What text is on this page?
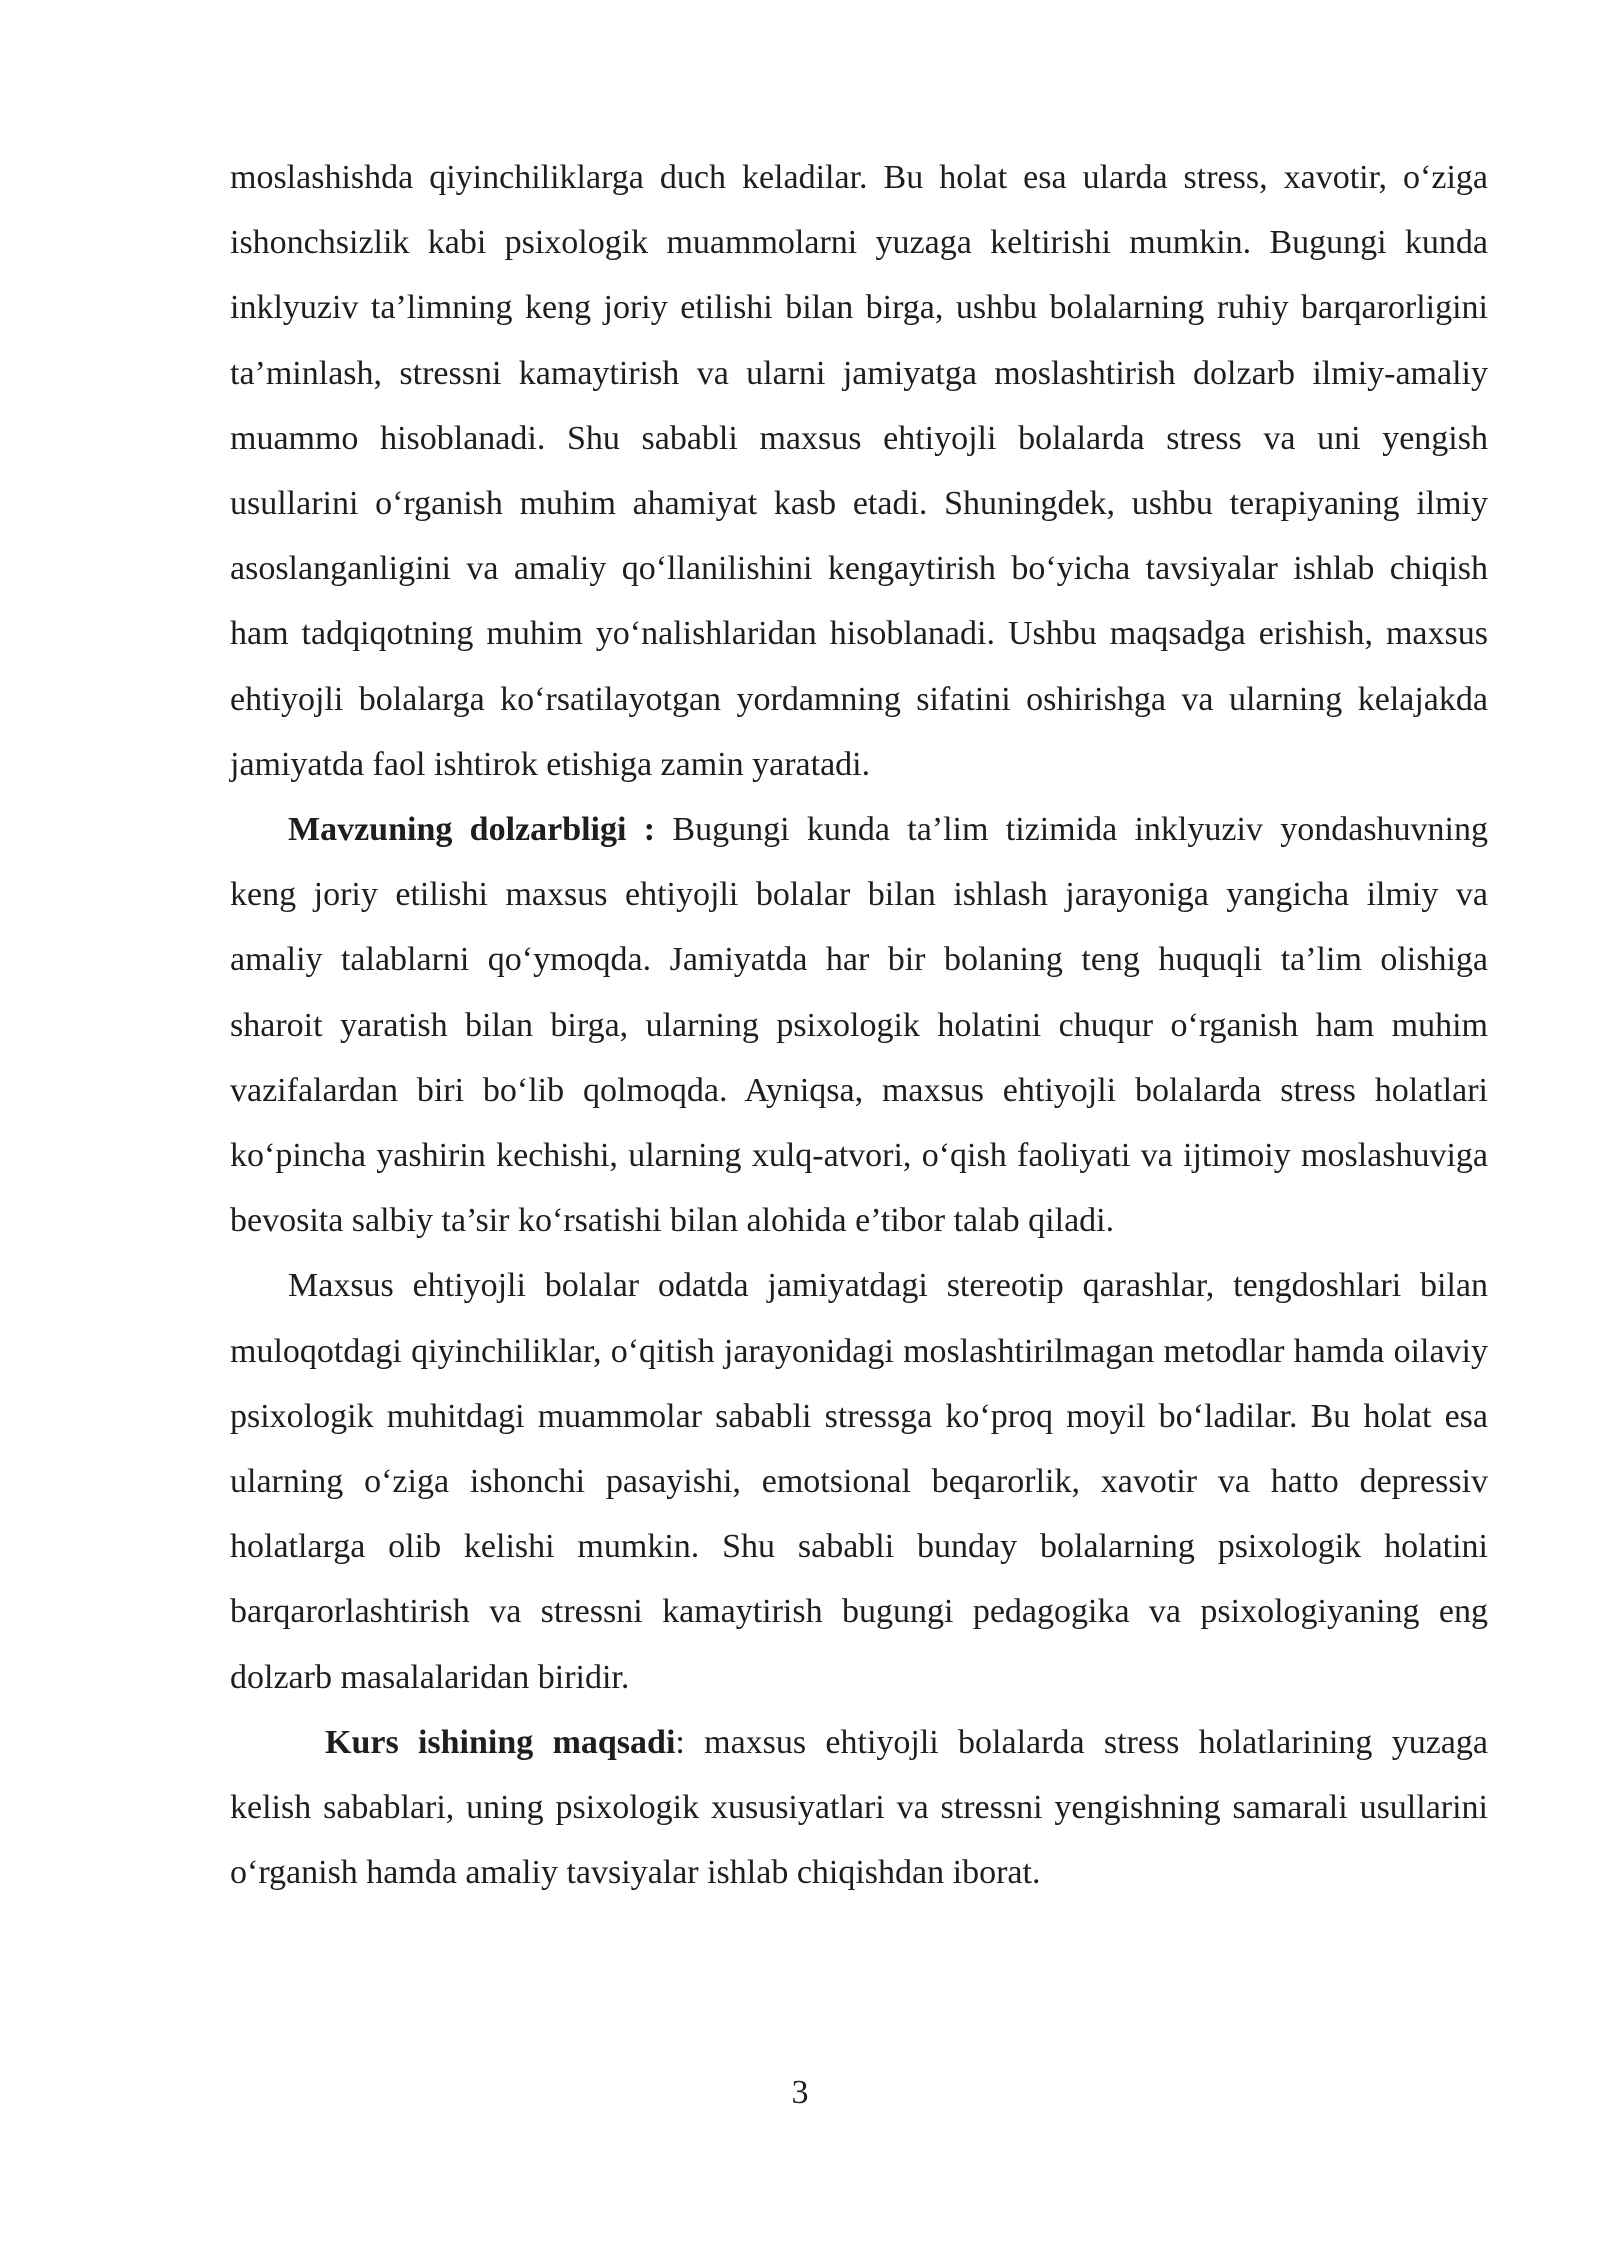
moslashishda qiyinchiliklarga duch keladilar. Bu holat esa ularda stress, xavotir, o‘ziga ishonchsizlik kabi psixologik muammolarni yuzaga keltirishi mumkin. Bugungi kunda inklyuziv ta’limning keng joriy etilishi bilan birga, ushbu bolalarning ruhiy barqarorligini ta’minlash, stressni kamaytirish va ularni jamiyatga moslashtirish dolzarb ilmiy-amaliy muammo hisoblanadi. Shu sababli maxsus ehtiyojli bolalarda stress va uni yengish usullarini o‘rganish muhim ahamiyat kasb etadi. Shuningdek, ushbu terapiyaning ilmiy asoslanganligini va amaliy qo‘llanilishini kengaytirish bo‘yicha tavsiyalar ishlab chiqish ham tadqiqotning muhim yo‘nalishlaridan hisoblanadi. Ushbu maqsadga erishish, maxsus ehtiyojli bolalarga ko‘rsatilayotgan yordamning sifatini oshirishga va ularning kelajakda jamiyatda faol ishtirok etishiga zamin yaratadi.

Mavzuning dolzarbligi : Bugungi kunda ta’lim tizimida inklyuziv yondashuvning keng joriy etilishi maxsus ehtiyojli bolalar bilan ishlash jarayoniga yangicha ilmiy va amaliy talablarni qo‘ymoqda. Jamiyatda har bir bolaning teng huquqli ta’lim olishiga sharoit yaratish bilan birga, ularning psixologik holatini chuqur o‘rganish ham muhim vazifalardan biri bo‘lib qolmoqda. Ayniqsa, maxsus ehtiyojli bolalarda stress holatlari ko‘pincha yashirin kechishi, ularning xulq-atvori, o‘qish faoliyati va ijtimoiy moslashuviga bevosita salbiy ta’sir ko‘rsatishi bilan alohida e’tibor talab qiladi.

Maxsus ehtiyojli bolalar odatda jamiyatdagi stereotip qarashlar, tengdoshlari bilan muloqotdagi qiyinchiliklar, o‘qitish jarayonidagi moslashtirilmagan metodlar hamda oilaviy psixologik muhitdagi muammolar sababli stressga ko‘proq moyil bo‘ladilar. Bu holat esa ularning o‘ziga ishonchi pasayishi, emotsional beqarorlik, xavotir va hatto depressiv holatlarga olib kelishi mumkin. Shu sababli bunday bolalarning psixologik holatini barqarorlashtirish va stressni kamaytirish bugungi pedagogika va psixologiyaning eng dolzarb masalalaridan biridir.

Kurs ishining maqsadi: maxsus ehtiyojli bolalarda stress holatlarining yuzaga kelish sabablari, uning psixologik xususiyatlari va stressni yengishning samarali usullarini o‘rganish hamda amaliy tavsiyalar ishlab chiqishdan iborat.

3
